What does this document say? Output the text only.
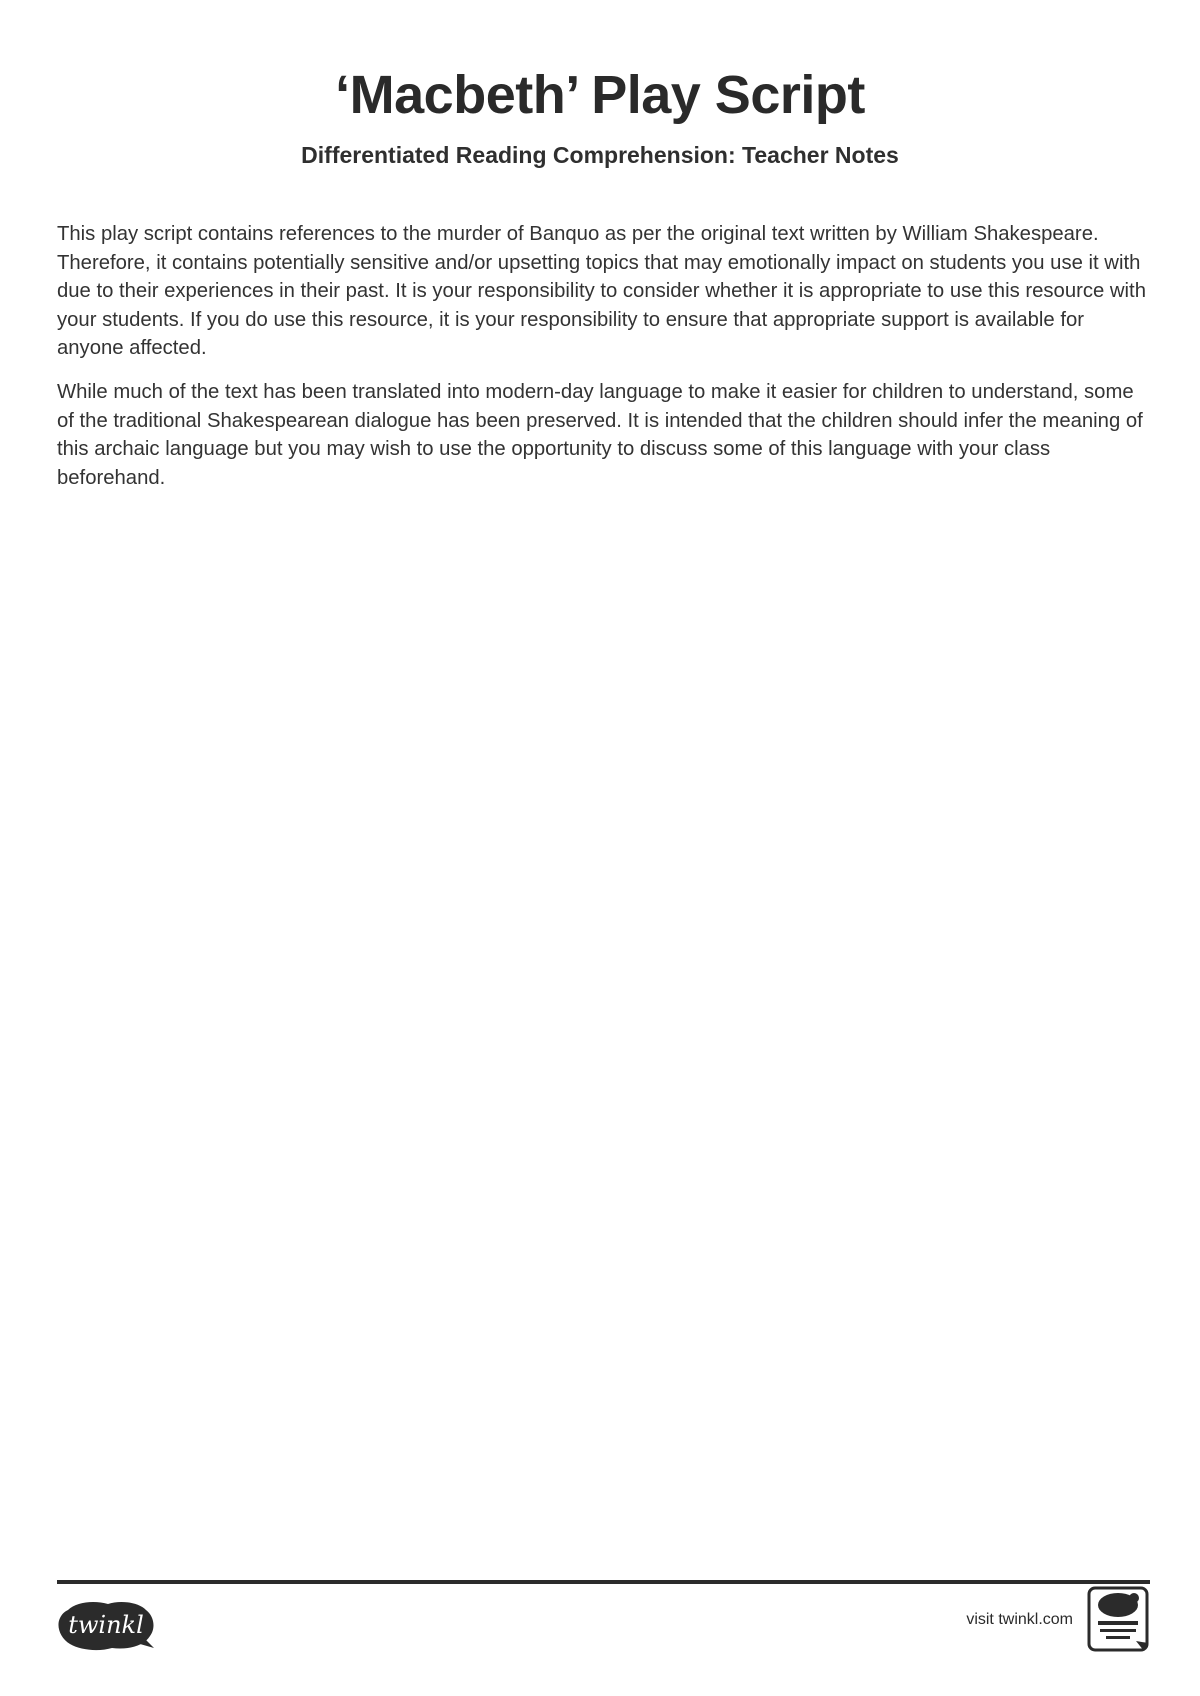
‘Macbeth’ Play Script
Differentiated Reading Comprehension: Teacher Notes

This play script contains references to the murder of Banquo as per the original text written by William Shakespeare. Therefore, it contains potentially sensitive and/or upsetting topics that may emotionally impact on students you use it with due to their experiences in their past. It is your responsibility to consider whether it is appropriate to use this resource with your students. If you do use this resource, it is your responsibility to ensure that appropriate support is available for anyone affected.

While much of the text has been translated into modern-day language to make it easier for children to understand, some of the traditional Shakespearean dialogue has been preserved. It is intended that the children should infer the meaning of this archaic language but you may wish to use the opportunity to discuss some of this language with your class beforehand.

twinkl	visit twinkl.com
